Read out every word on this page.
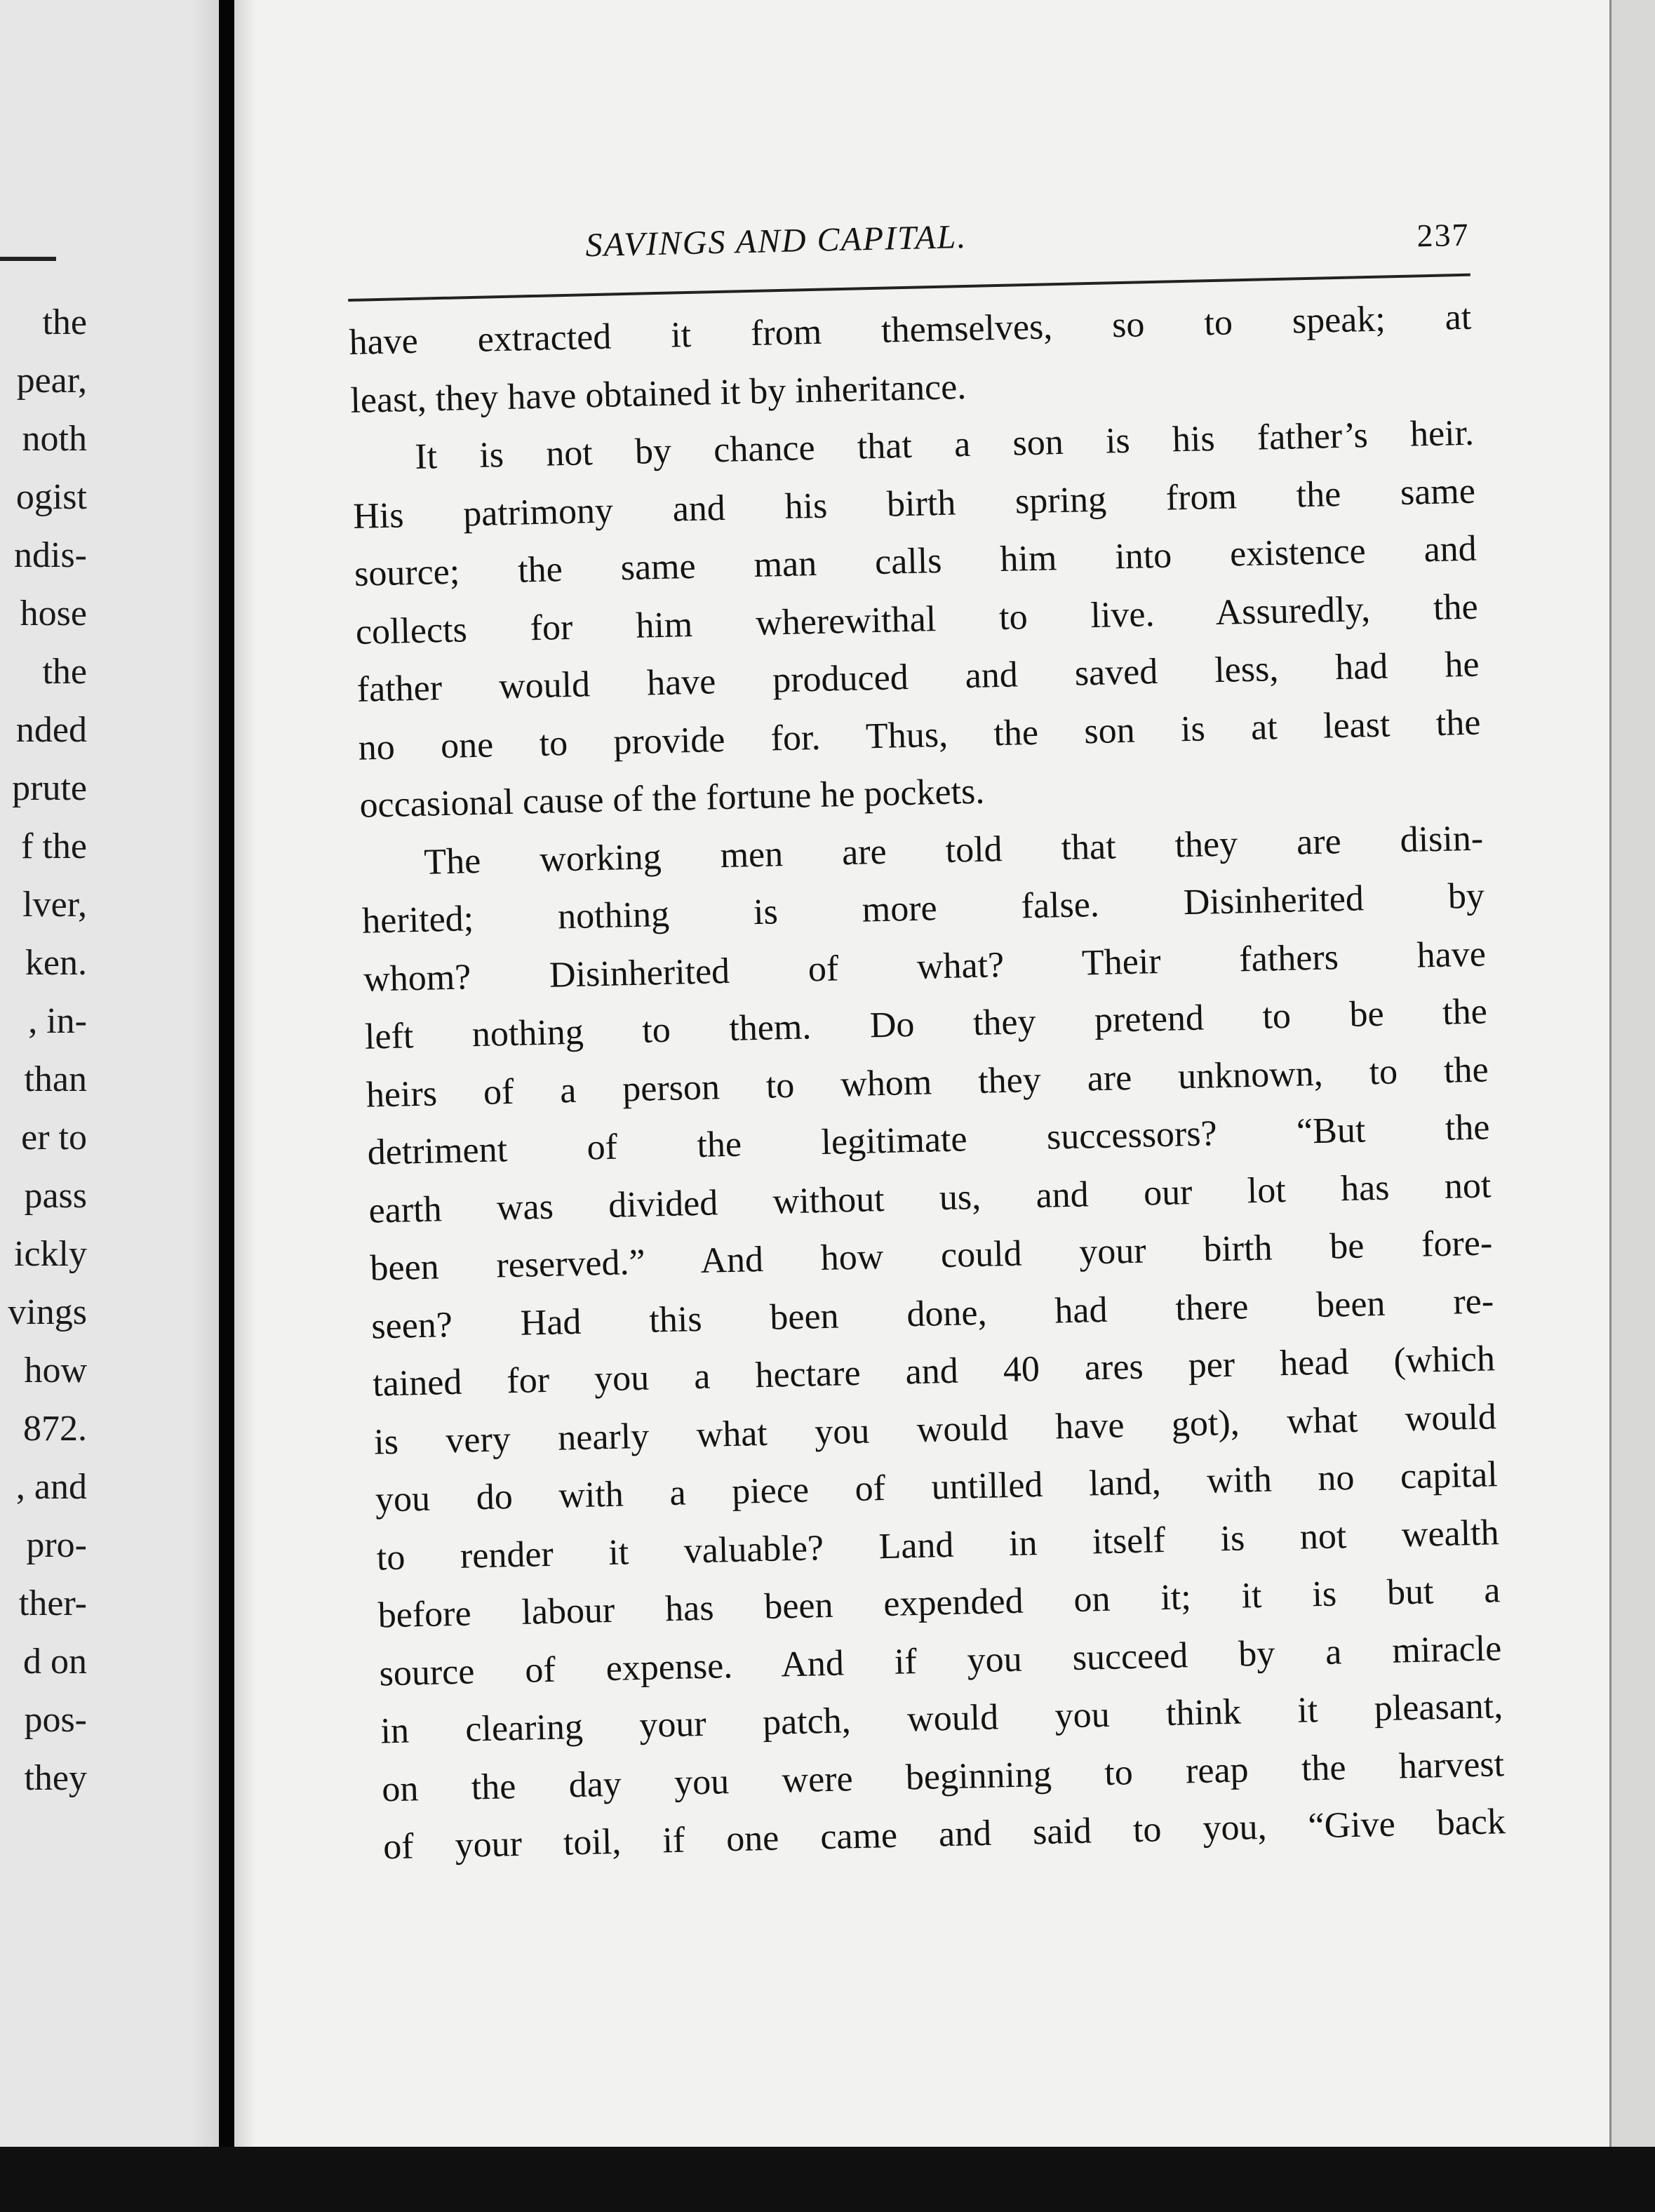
the
pear,
noth
ogist
ndis-
hose
the
nded
prute
f the
lver,
ken.
, in-
than
er to
pass
ickly
vings
how
872.
, and
pro-
ther-
d on
pos-
they
SAVINGS AND CAPITAL.	237
have extracted it from themselves, so to speak; at
least, they have obtained it by inheritance.
It is not by chance that a son is his father’s heir.
His patrimony and his birth spring from the same
source; the same man calls him into existence and
collects for him wherewithal to live. Assuredly, the
father would have produced and saved less, had he
no one to provide for. Thus, the son is at least the
occasional cause of the fortune he pockets.
The working men are told that they are disin-
herited; nothing is more false. Disinherited by
whom? Disinherited of what? Their fathers have
left nothing to them. Do they pretend to be the
heirs of a person to whom they are unknown, to the
detriment of the legitimate successors? “But the
earth was divided without us, and our lot has not
been reserved.” And how could your birth be fore-
seen? Had this been done, had there been re-
tained for you a hectare and 40 ares per head (which
is very nearly what you would have got), what would
you do with a piece of untilled land, with no capital
to render it valuable? Land in itself is not wealth
before labour has been expended on it; it is but a
source of expense. And if you succeed by a miracle
in clearing your patch, would you think it pleasant,
on the day you were beginning to reap the harvest
of your toil, if one came and said to you, “Give back
